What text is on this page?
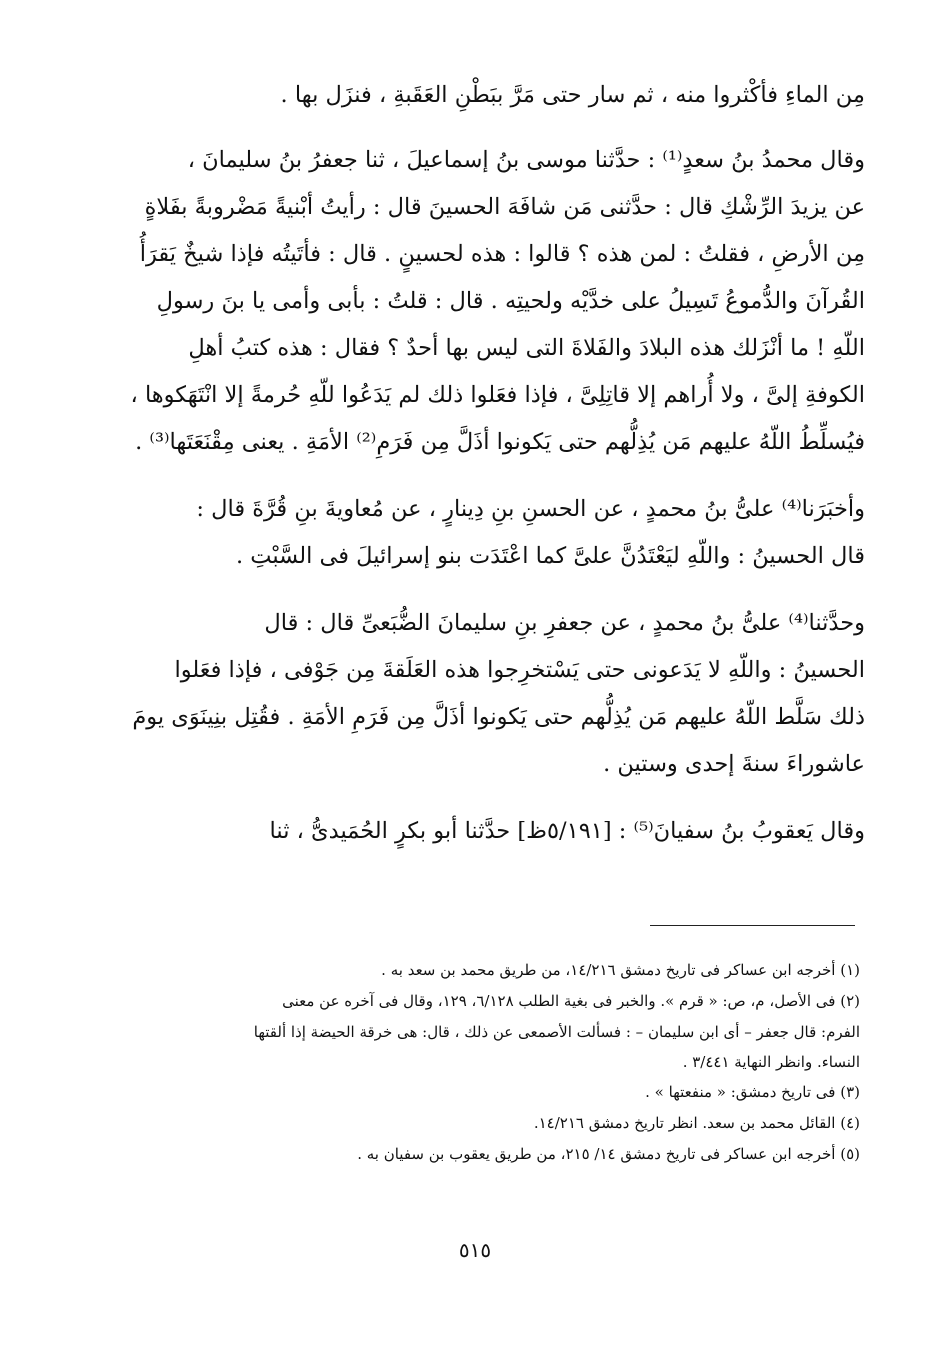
مِن الماءِ فأكْثروا منه ، ثم سار حتى مَرَّ ببَطْنِ العَقَبةِ ، فنزَل بها .
وقال محمدُ بنُ سعدٍ⁽¹⁾ : حدَّثنا موسى بنُ إسماعيلَ ، ثنا جعفرُ بنُ سليمانَ ،
عن يزيدَ الرِّشْكِ قال : حدَّثنى مَن شافَهَ الحسينَ قال : رأيتُ أبْنيةً مَضْروبةً بفَلاةٍ
مِن الأرضِ ، فقلتُ : لمن هذه ؟ قالوا : هذه لحسينٍ . قال : فأتَيتُه فإذا شيخٌ يَقرَأُ
القُرآنَ والدُّموعُ تَسِيلُ على خدَّيْه ولحيتِه . قال : قلتُ : بأبى وأمى يا بنَ رسولِ
اللّهِ ! ما أنْزَلك هذه البلادَ والفَلاةَ التى ليس بها أحدٌ ؟ فقال : هذه كتبُ أهلِ
الكوفةِ إلىَّ ، ولا أُراهم إلا قاتِلِىَّ ، فإذا فعَلوا ذلك لم يَدَعُوا للّهِ حُرمةً إلا انْتَهَكوها ،
فيُسلِّطُ اللّهُ عليهم مَن يُذِلُّهم حتى يَكونوا أذَلَّ مِن فَرَمِ⁽²⁾ الأمَةِ . يعنى مِقْنَعَتَها⁽³⁾ .
وأخبَرَنا⁽⁴⁾ علىُّ بنُ محمدٍ ، عن الحسنِ بنِ دِينارٍ ، عن مُعاويةَ بنِ قُرَّةَ قال :
قال الحسينُ : واللّهِ ليَعْتَدُنَّ علىَّ كما اعْتَدَت بنو إسرائيلَ فى السَّبْتِ .
وحدَّثنا⁽⁴⁾ علىُّ بنُ محمدٍ ، عن جعفرِ بنِ سليمانَ الضُّبَعىِّ قال : قال
الحسينُ : واللّهِ لا يَدَعونى حتى يَسْتخرِجوا هذه العَلَقةَ مِن جَوْفى ، فإذا فعَلوا
ذلك سَلَّط اللّهُ عليهم مَن يُذِلُّهم حتى يَكونوا أذَلَّ مِن فَرَمِ الأمَةِ . فقُتِل بنِينَوَى يومَ
عاشوراءَ سنةَ إحدى وستين .
وقال يَعقوبُ بنُ سفيانَ⁽⁵⁾ : [٥/١٩١ظ] حدَّثنا أبو بكرٍ الحُمَيدىُّ ، ثنا
(١) أخرجه ابن عساكر فى تاريخ دمشق ١٤/٢١٦، من طريق محمد بن سعد به .
(٢) فى الأصل، م، ص: « قرم ». والخبر فى بغية الطلب ٦/١٢٨، ١٢٩، وقال فى آخره عن معنى
الفرم: قال جعفر – أى ابن سليمان – : فسألت الأصمعى عن ذلك ، قال: هى خرقة الحيضة إذا ألقتها
النساء. وانظر النهاية ٣/٤٤١ .
(٣) فى تاريخ دمشق: « منفعتها » .
(٤) القائل محمد بن سعد. انظر تاريخ دمشق ١٤/٢١٦.
(٥) أخرجه ابن عساكر فى تاريخ دمشق ١٤/ ٢١٥، من طريق يعقوب بن سفيان به .
٥١٥
